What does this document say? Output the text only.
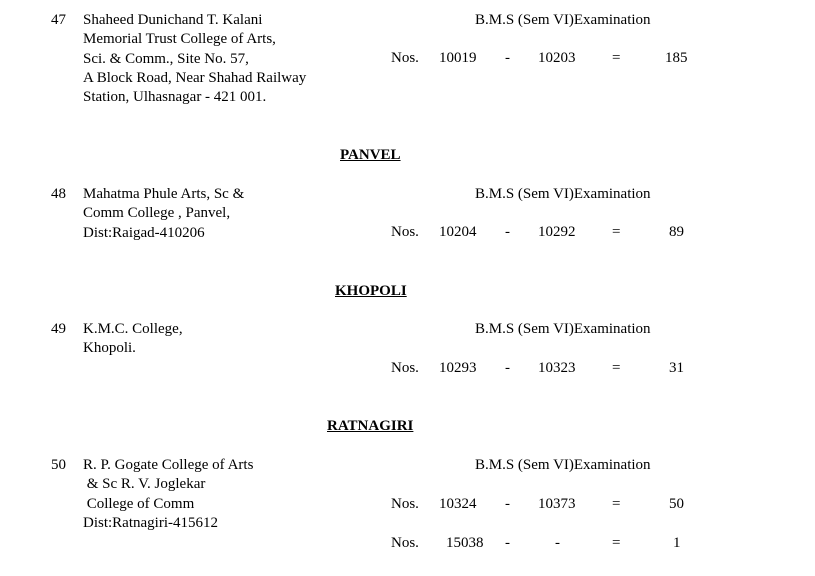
47 Shaheed Dunichand T. Kalani
Memorial Trust College of Arts,
Sci. & Comm., Site No. 57,
A Block Road, Near Shahad Railway
Station, Ulhasnagar - 421 001.
B.M.S (Sem VI)Examination
Nos. 10019 - 10203 =	185
PANVEL
48 Mahatma Phule Arts, Sc &
Comm College , Panvel,
Dist:Raigad-410206
B.M.S (Sem VI)Examination
Nos. 10204 - 10292 =	89
KHOPOLI
49 K.M.C. College,
Khopoli.
B.M.S (Sem VI)Examination
Nos. 10293 - 10323 =	31
RATNAGIRI
50 R. P. Gogate College of Arts
& Sc R. V. Joglekar
College of Comm
Dist:Ratnagiri-415612
B.M.S (Sem VI)Examination
Nos. 10324 - 10373 =	50
Nos. 15038 -	-	=	1
